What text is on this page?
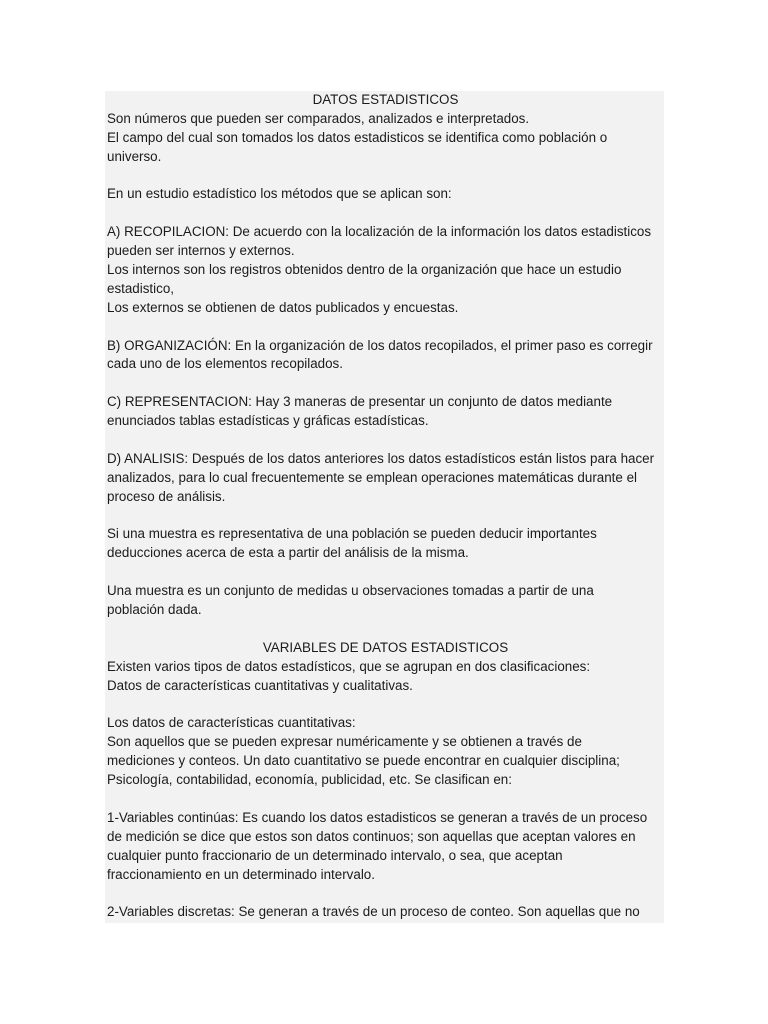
DATOS ESTADISTICOS
Son números que pueden ser comparados, analizados e interpretados.
El campo del cual son tomados los datos estadisticos se identifica como población o
universo.
En un estudio estadístico los métodos que se aplican son:
A) RECOPILACION: De acuerdo con la localización de la información los datos estadisticos
pueden ser internos y externos.
Los internos son los registros obtenidos dentro de la organización que hace un estudio
estadistico,
Los externos se obtienen de datos publicados y encuestas.
B) ORGANIZACIÓN: En la organización de los datos recopilados, el primer paso es corregir
cada uno de los elementos recopilados.
C) REPRESENTACION: Hay 3 maneras de presentar un conjunto de datos mediante
enunciados tablas estadísticas y gráficas estadísticas.
D) ANALISIS: Después de los datos anteriores los datos estadísticos están listos para hacer
analizados, para lo cual frecuentemente se emplean operaciones matemáticas durante el
proceso de análisis.
Si una muestra es representativa de una población se pueden deducir importantes
deducciones acerca de esta a partir del análisis de la misma.
Una muestra es un conjunto de medidas u observaciones tomadas a partir de una
población dada.
VARIABLES DE DATOS ESTADISTICOS
Existen varios tipos de datos estadísticos, que se agrupan en dos clasificaciones:
Datos de características cuantitativas y cualitativas.
Los datos de características cuantitativas:
Son aquellos que se pueden expresar numéricamente y se obtienen a través de
mediciones y conteos. Un dato cuantitativo se puede encontrar en cualquier disciplina;
Psicología, contabilidad, economía, publicidad, etc. Se clasifican en:
1-Variables continúas: Es cuando los datos estadisticos se generan a través de un proceso
de medición se dice que estos son datos continuos; son aquellas que aceptan valores en
cualquier punto fraccionario de un determinado intervalo, o sea, que aceptan
fraccionamiento en un determinado intervalo.
2-Variables discretas: Se generan a través de un proceso de conteo. Son aquellas que no
